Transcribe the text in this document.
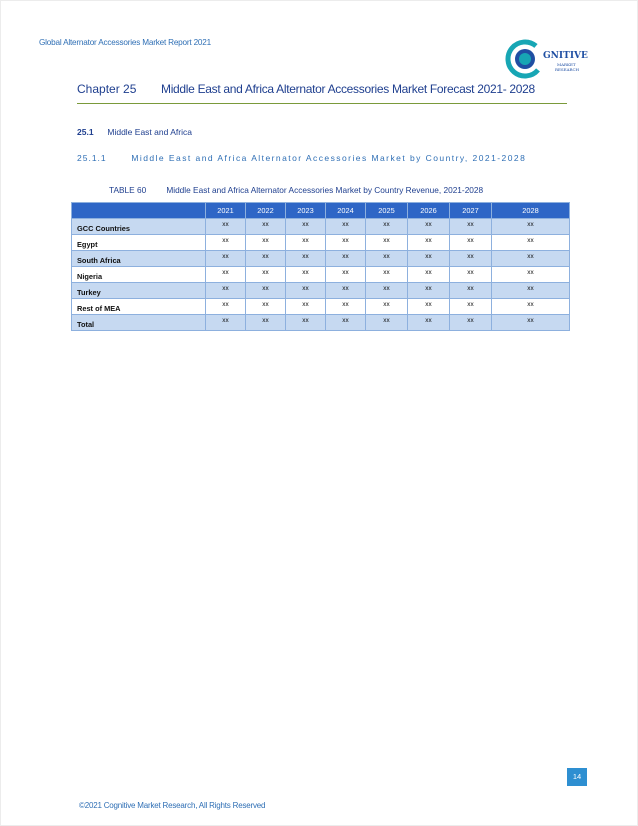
Global Alternator Accessories Market Report 2021
GNITIVE
MARKET
RESEARCH
Chapter 25 Middle East and Africa Alternator Accessories Market Forecast 2021- 2028
25.1 Middle East and Africa
25.1.1	Middle East and Africa Alternator Accessories Market by Country, 2021-2028
TABLE 60 Middle East and Africa Alternator Accessories Market by Country Revenue, 2021-2028
	2021	2022	2023	2024	2025	2026	2027	2028
GCC Countries	xx	xx	xx	xx	xx	xx	xx	xx
Egypt	xx	xx	xx	xx	xx	xx	xx	xx
South Africa	xx	xx	xx	xx	xx	xx	xx	xx
Nigeria	xx	xx	xx	xx	xx	xx	xx	xx
Turkey	xx	xx	xx	xx	xx	xx	xx	xx
Rest of MEA	xx	xx	xx	xx	xx	xx	xx	xx
Total	xx	xx	xx	xx	xx	xx	xx	xx
14
©2021 Cognitive Market Research, All Rights Reserved
